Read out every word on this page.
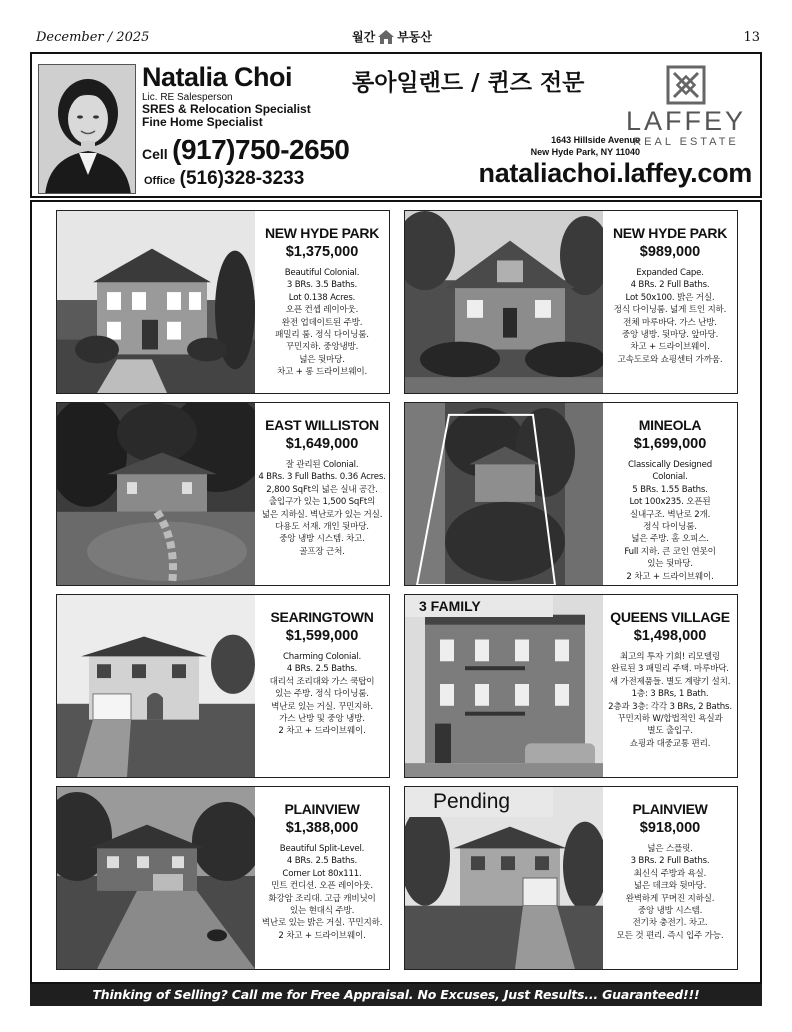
December / 2025	월간 부동산	13
Natalia Choi
Lic. RE Salesperson
SRES & Relocation Specialist
Fine Home Specialist
Cell (917)750-2650
Office (516)328-3233
롱아일랜드 / 퀸즈 전문
1643 Hillside Avenue
New Hyde Park, NY 11040
LAFFEY
REAL ESTATE
nataliachoi.laffey.com
NEW HYDE PARK
$1,375,000
Beautiful Colonial.
3 BRs. 3.5 Baths.
Lot 0.138 Acres.
오픈 컨셉 레이아웃.
완전 업데이트된 주방.
패밀리 룸. 정식 다이닝룸.
꾸민지하. 중앙냉방.
넓은 뒷마당.
차고 + 롱 드라이브웨이.
NEW HYDE PARK
$989,000
Expanded Cape.
4 BRs. 2 Full Baths.
Lot 50x100. 밝은 거실.
정식 다이닝룸. 넓게 트인 지하.
전체 마루바닥. 가스 난방.
중앙 냉방. 뒷마당. 앞마당.
차고 + 드라이브웨이.
고속도로와 쇼핑센터 가까움.
EAST WILLISTON
$1,649,000
잘 관리된 Colonial.
4 BRs. 3 Full Baths. 0.36 Acres.
2,800 SqFt의 넓은 실내 공간.
출입구가 있는 1,500 SqFt의
넓은 지하실. 벽난로가 있는 거실.
다용도 서재. 개인 뒷마당.
중앙 냉방 시스템. 차고.
골프장 근처.
MINEOLA
$1,699,000
Classically Designed
Colonial.
5 BRs. 1.55 Baths.
Lot 100x235. 오픈된
실내구조. 벽난로 2개.
정식 다이닝룸.
넓은 주방. 홈 오피스.
Full 지하. 큰 코인 연못이
있는 뒷마당.
2 차고 + 드라이브웨이.
SEARINGTOWN
$1,599,000
Charming Colonial.
4 BRs. 2.5 Baths.
대리석 조리대와 가스 쿡탑이
있는 주방. 정식 다이닝룸.
벽난로 있는 거실. 꾸민지하.
가스 난방 및 중앙 냉방.
2 차고 + 드라이브웨이.
3 FAMILY
QUEENS VILLAGE
$1,498,000
최고의 투자 기회! 리모델링
완료된 3 패밀리 주택. 마루바닥.
새 가전제품들. 별도 계량기 설치.
1층: 3 BRs, 1 Bath.
2층과 3층: 각각 3 BRs, 2 Baths.
꾸민지하 W/합법적인 욕실과
별도 출입구.
쇼핑과 대중교통 편리.
PLAINVIEW
$1,388,000
Beautiful Split-Level.
4 BRs. 2.5 Baths.
Corner Lot 80x111.
민트 컨디션. 오픈 레이아웃.
화강암 조리대. 고급 캐비닛이
있는 현대식 주방.
벽난로 있는 밝은 거실. 꾸민지하.
2 차고 + 드라이브웨이.
Pending	PLAINVIEW
$918,000
넓은 스플릿.
3 BRs. 2 Full Baths.
최신식 주방과 욕실.
넓은 데크와 뒷마당.
완벽하게 꾸며진 지하실.
중앙 냉방 시스템.
전기차 충전기. 차고.
모든 것 편리. 즉시 입주 가능.
Thinking of Selling? Call me for Free Appraisal. No Excuses, Just Results... Guaranteed!!!
